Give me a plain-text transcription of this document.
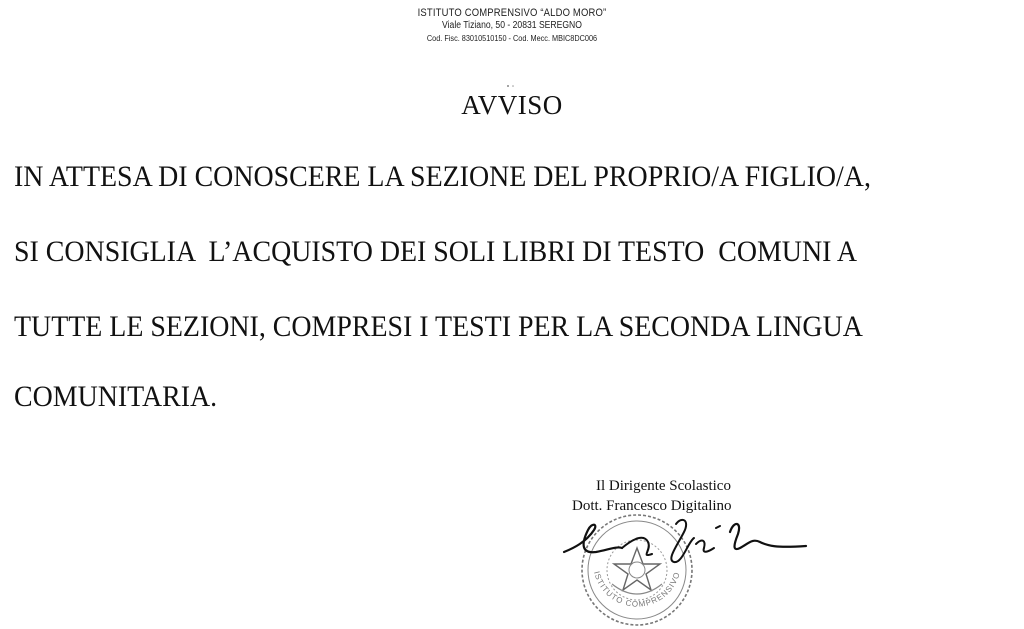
ISTITUTO COMPRENSIVO “ALDO MORO”
Viale Tiziano, 50 - 20831 SEREGNO
Cod. Fisc. 83010510150 - Cod. Mecc. MBIC8DC006
AVVISO
IN ATTESA DI CONOSCERE LA SEZIONE DEL PROPRIO/A FIGLIO/A,
SI CONSIGLIA  L’ACQUISTO DEI SOLI LIBRI DI TESTO  COMUNI A
TUTTE LE SEZIONI, COMPRESI I TESTI PER LA SECONDA LINGUA
COMUNITARIA.
ISTITUTO COMPRENSIVO
Il Dirigente Scolastico
Dott. Francesco Digitalino
